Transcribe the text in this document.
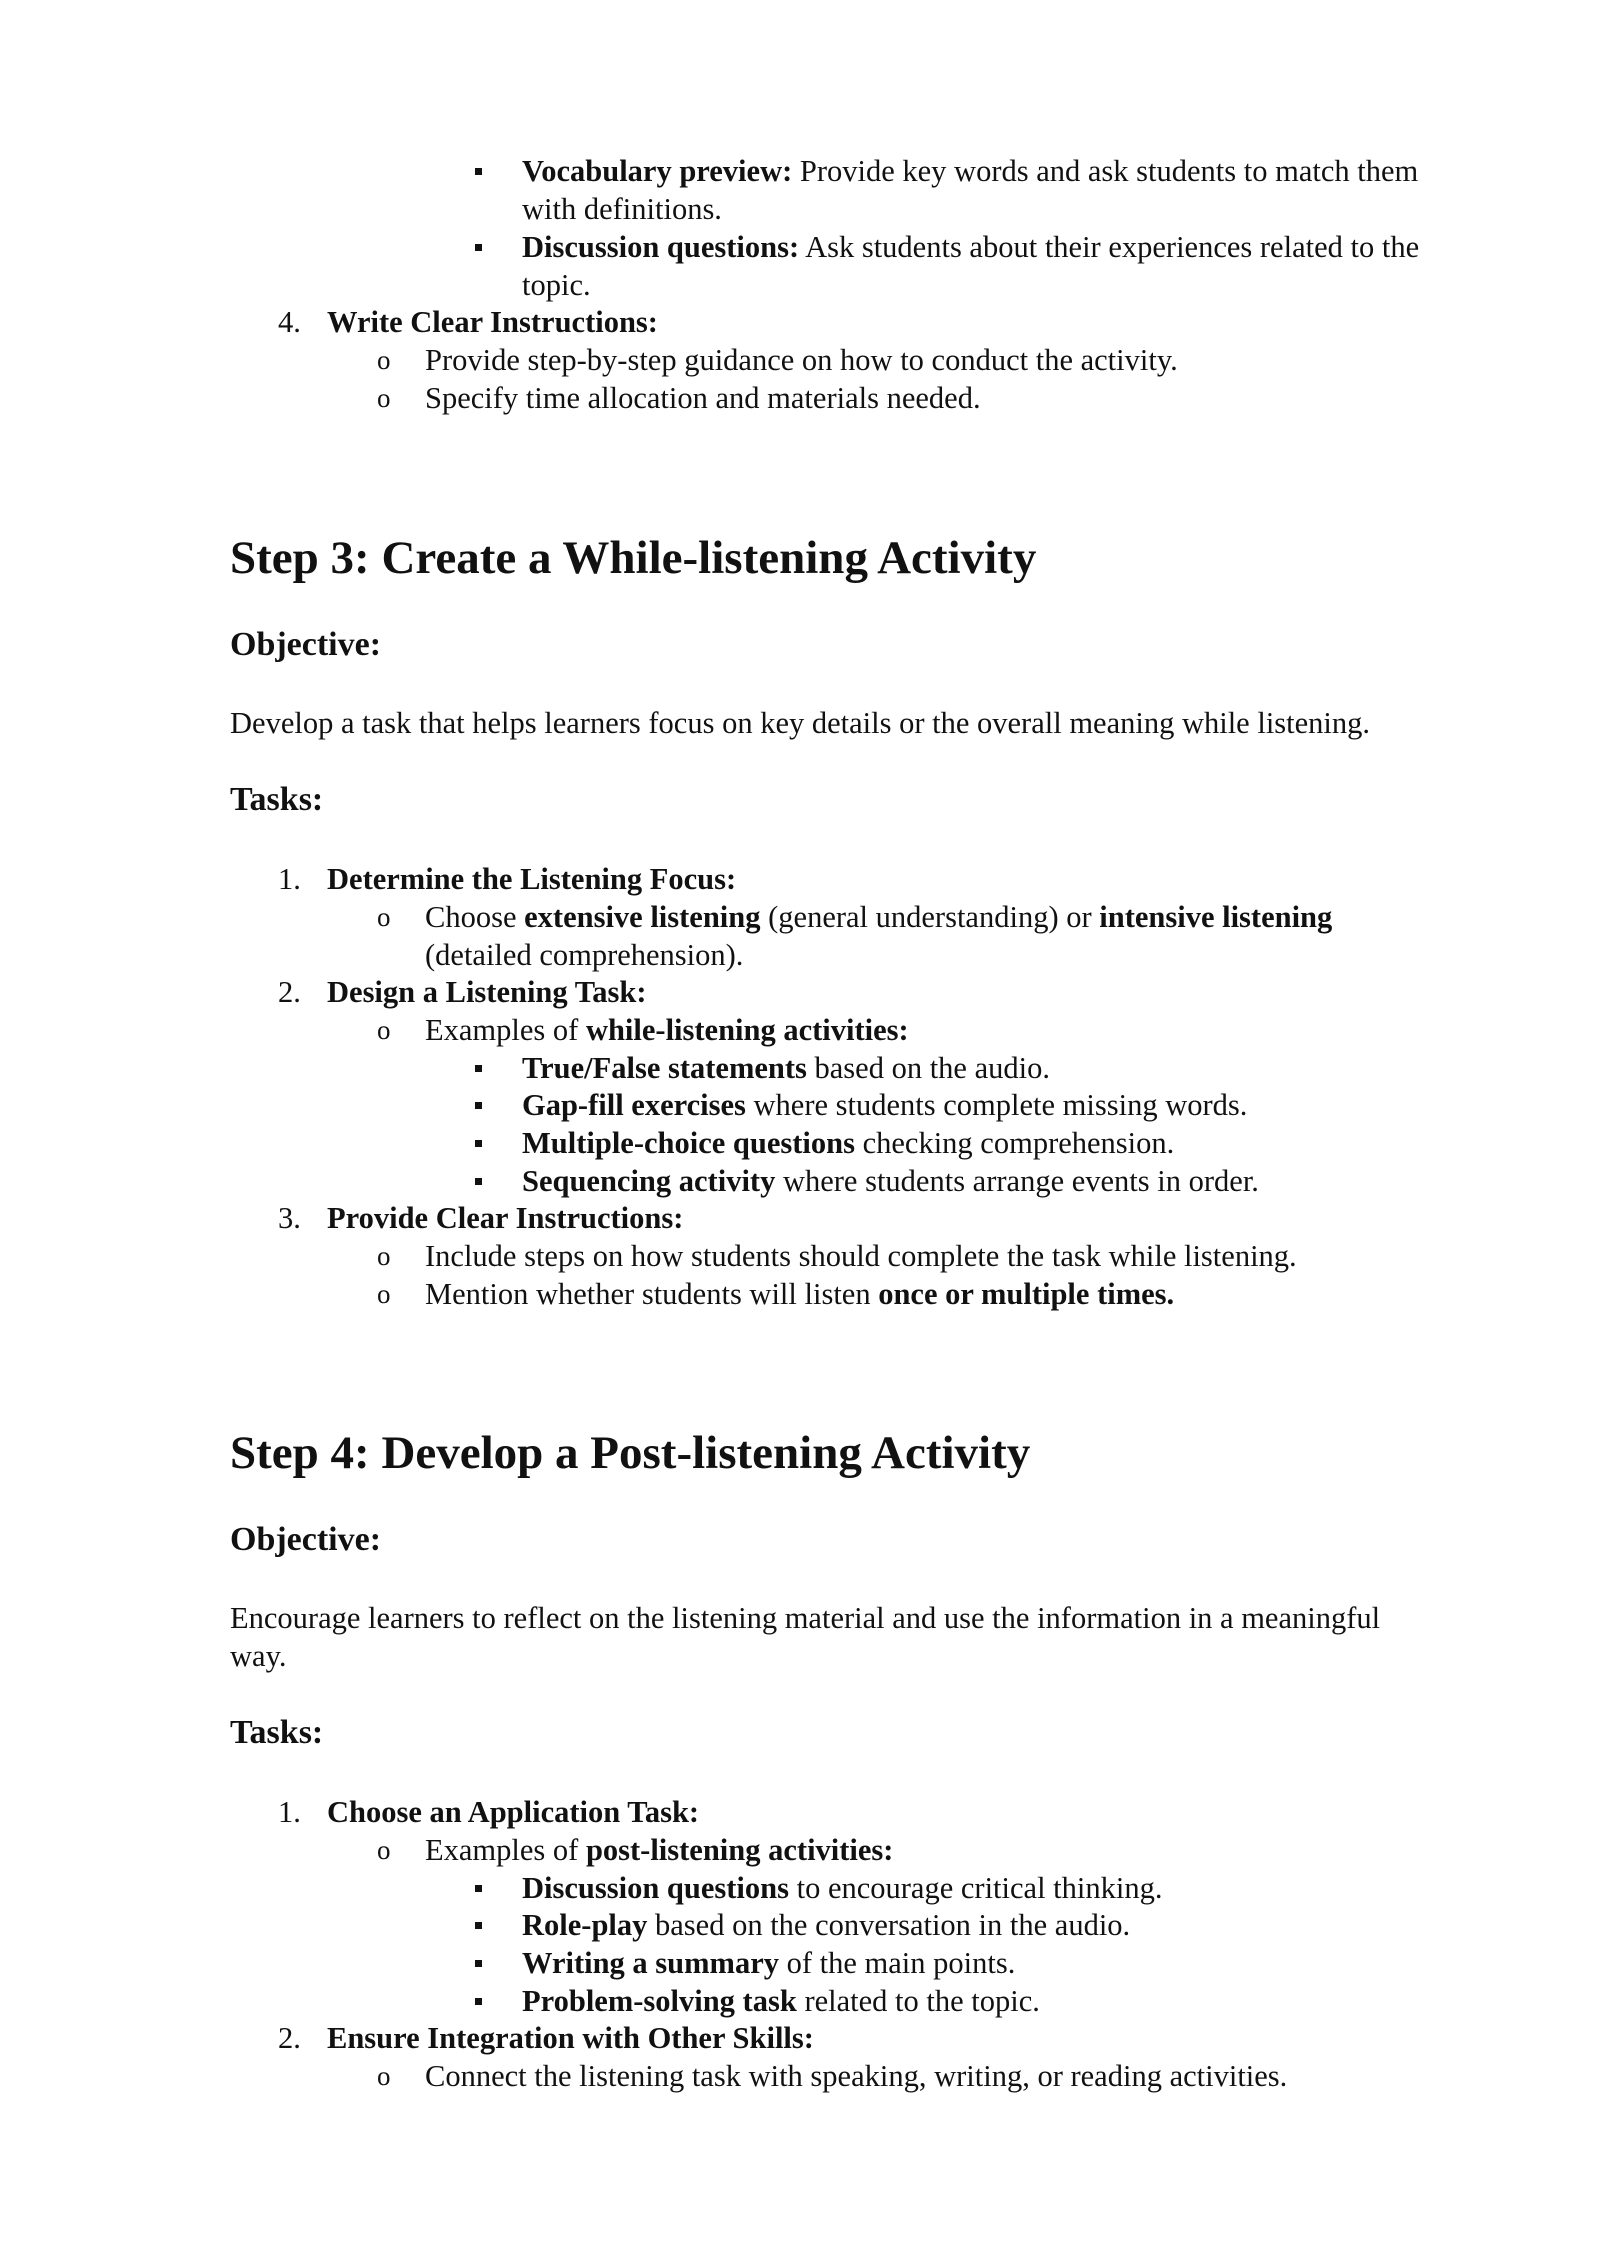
Vocabulary preview: Provide key words and ask students to match them
with definitions.
Discussion questions: Ask students about their experiences related to the
topic.
4. Write Clear Instructions:
o Provide step-by-step guidance on how to conduct the activity.
o Specify time allocation and materials needed.
Step 3: Create a While-listening Activity
Objective:
Develop a task that helps learners focus on key details or the overall meaning while listening.
Tasks:
1. Determine the Listening Focus:
o Choose extensive listening (general understanding) or intensive listening
(detailed comprehension).
2. Design a Listening Task:
o Examples of while-listening activities:
True/False statements based on the audio.
Gap-fill exercises where students complete missing words.
Multiple-choice questions checking comprehension.
Sequencing activity where students arrange events in order.
3. Provide Clear Instructions:
o Include steps on how students should complete the task while listening.
o Mention whether students will listen once or multiple times.
Step 4: Develop a Post-listening Activity
Objective:
Encourage learners to reflect on the listening material and use the information in a meaningful
way.
Tasks:
1. Choose an Application Task:
o Examples of post-listening activities:
Discussion questions to encourage critical thinking.
Role-play based on the conversation in the audio.
Writing a summary of the main points.
Problem-solving task related to the topic.
2. Ensure Integration with Other Skills:
o Connect the listening task with speaking, writing, or reading activities.
